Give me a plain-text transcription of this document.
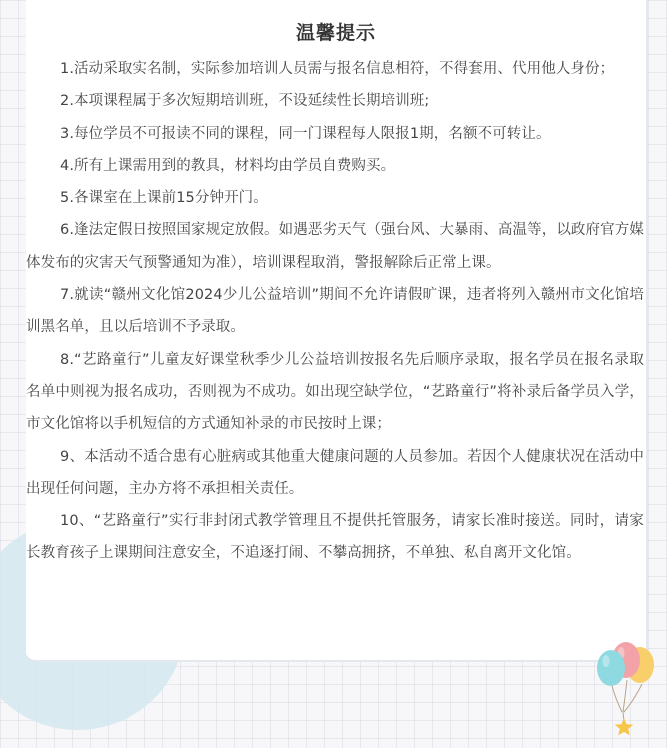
温馨提示

1.活动采取实名制，实际参加培训人员需与报名信息相符，不得套用、代用他人身份；

2.本项课程属于多次短期培训班，不设延续性长期培训班;

3.每位学员不可报读不同的课程，同一门课程每人限报1期，名额不可转让。

4.所有上课需用到的教具，材料均由学员自费购买。

5.各课室在上课前15分钟开门。

6.逢法定假日按照国家规定放假。如遇恶劣天气（强台风、大暴雨、高温等，以政府官方媒体发布的灾害天气预警通知为准），培训课程取消，警报解除后正常上课。

7.就读“赣州文化馆2024少儿公益培训”期间不允许请假旷课，违者将列入赣州市文化馆培训黑名单，且以后培训不予录取。

8.“艺路童行”儿童友好课堂秋季少儿公益培训按报名先后顺序录取，报名学员在报名录取名单中则视为报名成功，否则视为不成功。如出现空缺学位，“艺路童行”将补录后备学员入学，市文化馆将以手机短信的方式通知补录的市民按时上课；

9、本活动不适合患有心脏病或其他重大健康问题的人员参加。若因个人健康状况在活动中出现任何问题，主办方将不承担相关责任。

10、“艺路童行”实行非封闭式教学管理且不提供托管服务，请家长准时接送。同时，请家长教育孩子上课期间注意安全，不追逐打闹、不攀高拥挤，不单独、私自离开文化馆。
